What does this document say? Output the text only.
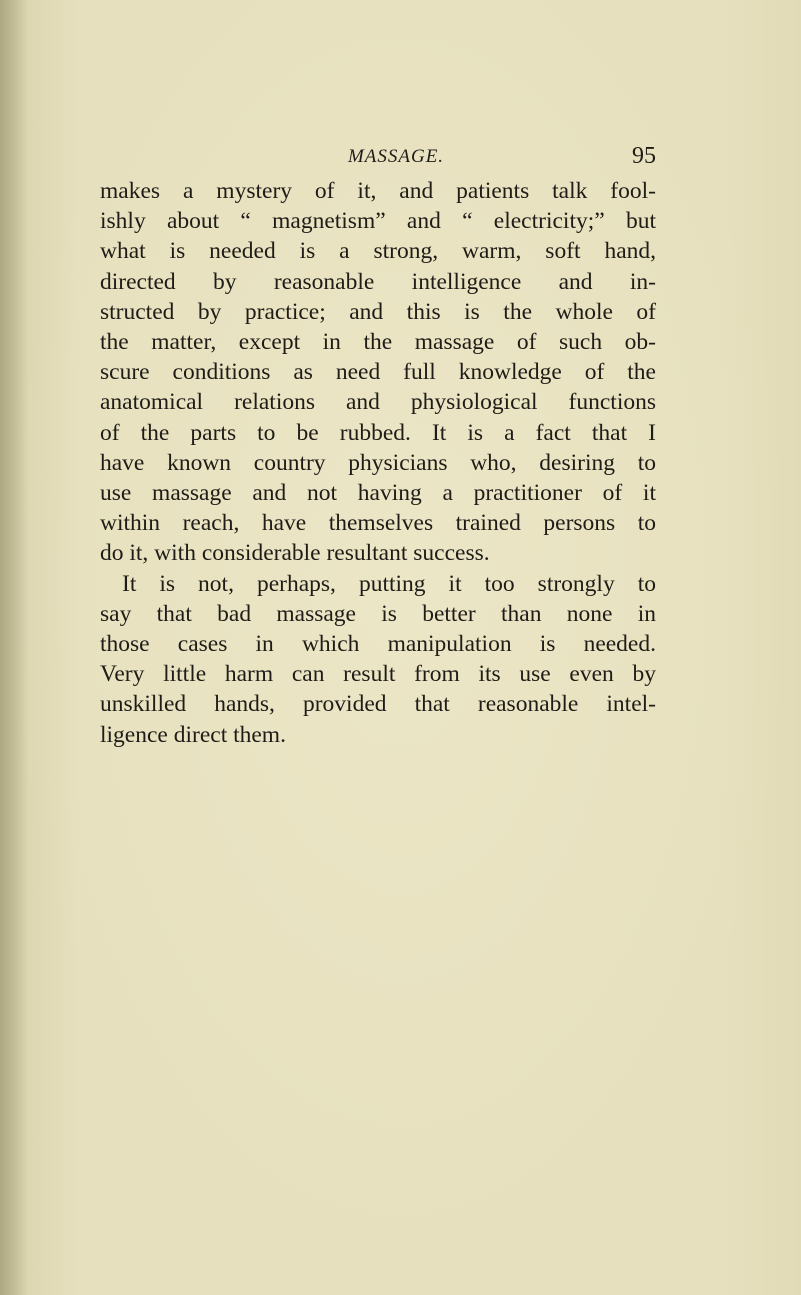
MASSAGE.	95
makes a mystery of it, and patients talk fool-
ishly about “ magnetism” and “ electricity;” but
what is needed is a strong, warm, soft hand,
directed by reasonable intelligence and in-
structed by practice; and this is the whole of
the matter, except in the massage of such ob-
scure conditions as need full knowledge of the
anatomical relations and physiological functions
of the parts to be rubbed. It is a fact that I
have known country physicians who, desiring to
use massage and not having a practitioner of it
within reach, have themselves trained persons to
do it, with considerable resultant success.
It is not, perhaps, putting it too strongly to
say that bad massage is better than none in
those cases in which manipulation is needed.
Very little harm can result from its use even by
unskilled hands, provided that reasonable intel-
ligence direct them.
